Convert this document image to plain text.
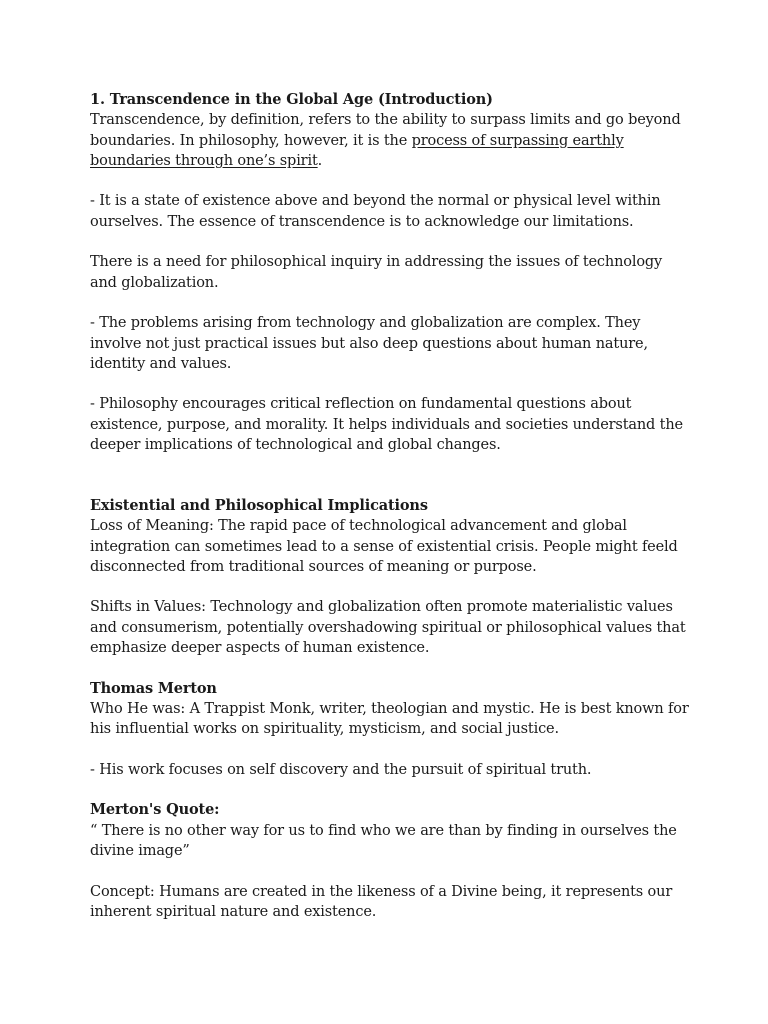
1. Transcendence in the Global Age (Introduction)

Transcendence, by definition, refers to the ability to surpass limits and go beyond boundaries. In philosophy, however, it is the process of surpassing earthly boundaries through one’s spirit.

- It is a state of existence above and beyond the normal or physical level within ourselves. The essence of transcendence is to acknowledge our limitations.

There is a need for philosophical inquiry in addressing the issues of technology and globalization.

- The problems arising from technology and globalization are complex. They involve not just practical issues but also deep questions about human nature, identity and values.

- Philosophy encourages critical reflection on fundamental questions about existence, purpose, and morality. It helps individuals and societies understand the deeper implications of technological and global changes.

Existential and Philosophical Implications

Loss of Meaning: The rapid pace of technological advancement and global integration can sometimes lead to a sense of existential crisis. People might feeld disconnected from traditional sources of meaning or purpose.

Shifts in Values: Technology and globalization often promote materialistic values and consumerism, potentially overshadowing spiritual or philosophical values that emphasize deeper aspects of human existence.

Thomas Merton

Who He was: A Trappist Monk, writer, theologian and mystic. He is best known for his influential works on spirituality, mysticism, and social justice.

- His work focuses on self discovery and the pursuit of spiritual truth.

Merton's Quote:

“ There is no other way for us to find who we are than by finding in ourselves the divine image”

Concept: Humans are created in the likeness of a Divine being, it represents our inherent spiritual nature and existence.
